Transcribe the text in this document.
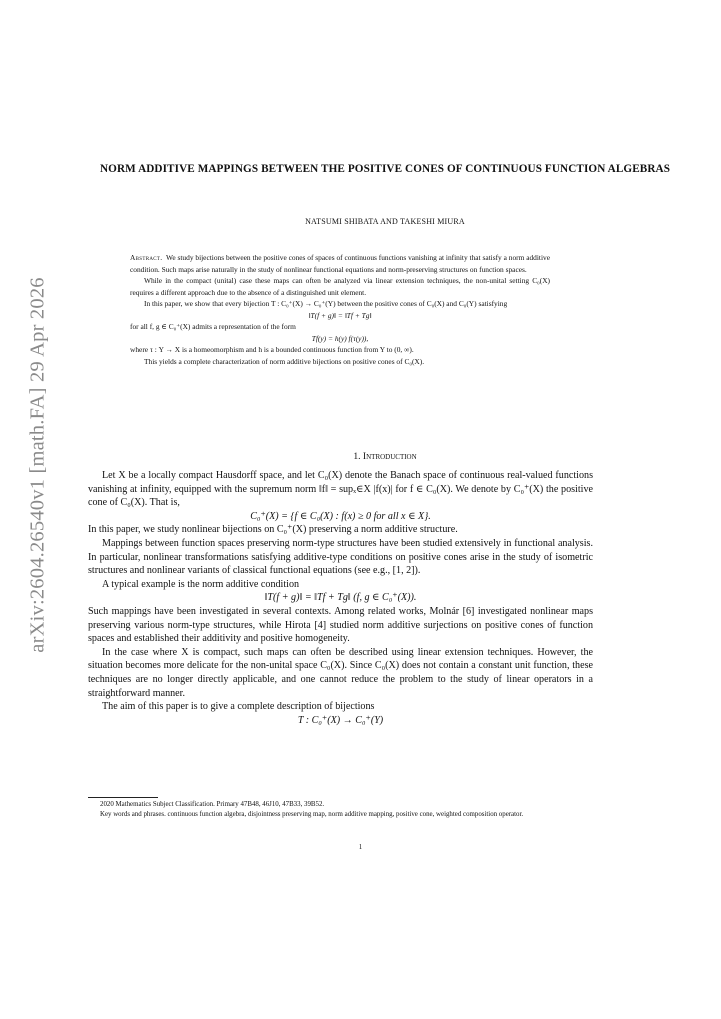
arXiv:2604.26540v1 [math.FA] 29 Apr 2026
NORM ADDITIVE MAPPINGS BETWEEN THE POSITIVE CONES OF CONTINUOUS FUNCTION ALGEBRAS
NATSUMI SHIBATA AND TAKESHI MIURA

Abstract. We study bijections between the positive cones of spaces of continuous functions vanishing at infinity that satisfy a norm additive condition. Such maps arise naturally in the study of nonlinear functional equations and norm-preserving structures on function spaces.

While in the compact (unital) case these maps can often be analyzed via linear extension techniques, the non-unital setting C₀(X) requires a different approach due to the absence of a distinguished unit element.

In this paper, we show that every bijection T : C₀⁺(X) → C₀⁺(Y) between the positive cones of C₀(X) and C₀(Y) satisfying

‖T(f + g)‖ = ‖Tf + Tg‖

for all f, g ∈ C₀⁺(X) admits a representation of the form

Tf(y) = h(y) f(τ(y)),

where τ : Y → X is a homeomorphism and h is a bounded continuous function from Y to (0, ∞).

This yields a complete characterization of norm additive bijections on positive cones of C₀(X).

1. Introduction

Let X be a locally compact Hausdorff space, and let C₀(X) denote the Banach space of continuous real-valued functions vanishing at infinity, equipped with the supremum norm ‖f‖ = supₓ∈X |f(x)| for f ∈ C₀(X). We denote by C₀⁺(X) the positive cone of C₀(X). That is,

C₀⁺(X) = {f ∈ C₀(X) : f(x) ≥ 0 for all x ∈ X}.

In this paper, we study nonlinear bijections on C₀⁺(X) preserving a norm additive structure.

Mappings between function spaces preserving norm-type structures have been studied extensively in functional analysis. In particular, nonlinear transformations satisfying additive-type conditions on positive cones arise in the study of isometric structures and nonlinear variants of classical functional equations (see e.g., [1, 2]).

A typical example is the norm additive condition

‖T(f + g)‖ = ‖Tf + Tg‖ (f, g ∈ C₀⁺(X)).

Such mappings have been investigated in several contexts. Among related works, Molnár [6] investigated nonlinear maps preserving various norm-type structures, while Hirota [4] studied norm additive surjections on positive cones of function spaces and established their additivity and positive homogeneity.

In the case where X is compact, such maps can often be described using linear extension techniques. However, the situation becomes more delicate for the non-unital space C₀(X). Since C₀(X) does not contain a constant unit function, these techniques are no longer directly applicable, and one cannot reduce the problem to the study of linear operators in a straightforward manner.

The aim of this paper is to give a complete description of bijections

T : C₀⁺(X) → C₀⁺(Y)

2020 Mathematics Subject Classification. Primary 47B48, 46J10, 47B33, 39B52.

Key words and phrases. continuous function algebra, disjointness preserving map, norm additive mapping, positive cone, weighted composition operator.

1
